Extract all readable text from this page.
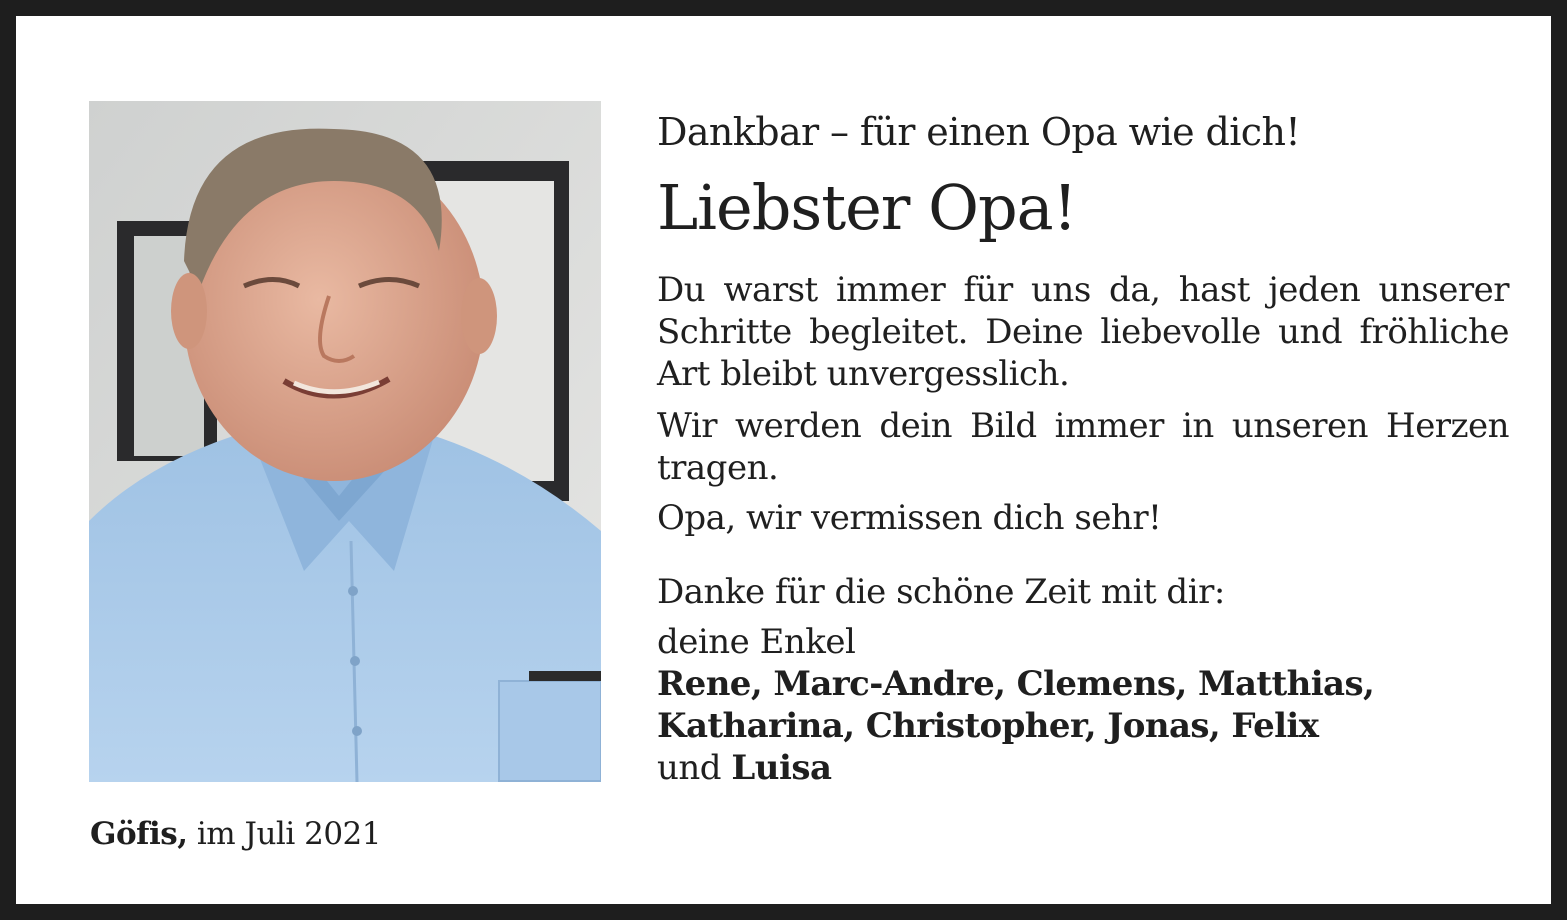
Göfis, im Juli 2021

Dankbar – für einen Opa wie dich!

Liebster Opa!

Du warst immer für uns da, hast jeden unserer Schritte begleitet. Deine liebevolle und fröhliche Art bleibt unvergesslich.

Wir werden dein Bild immer in unseren Herzen tragen.

Opa, wir vermissen dich sehr!

Danke für die schöne Zeit mit dir:
deine Enkel
Rene, Marc-Andre, Clemens, Matthias,
Katharina, Christopher, Jonas, Felix
und Luisa
